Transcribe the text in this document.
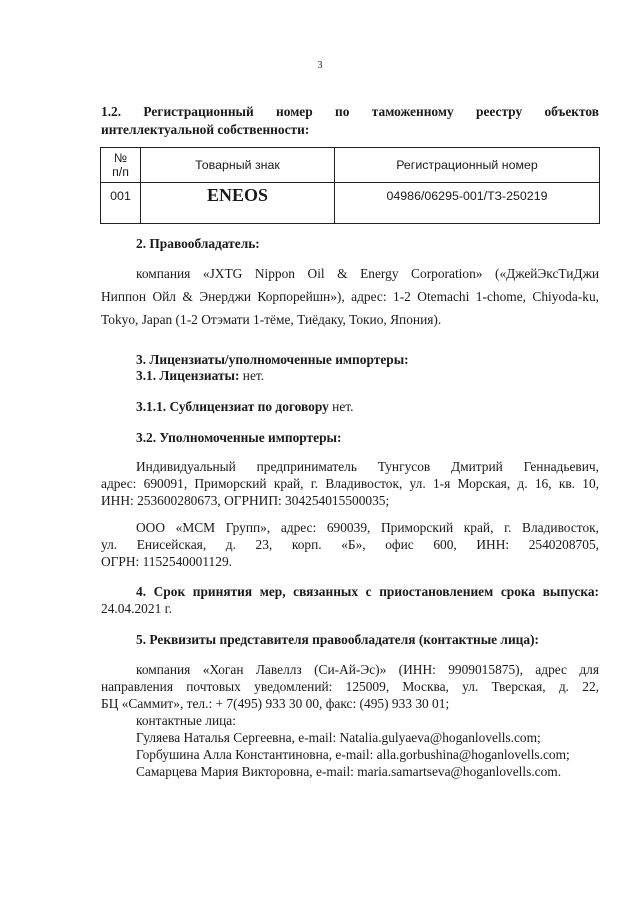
3
1.2. Регистрационный номер по таможенному реестру объектов
интеллектуальной собственности:
№
п/п	Товарный знак	Регистрационный номер
001	ENEOS	04986/06295-001/ТЗ-250219
2. Правообладатель:
компания «JXTG Nippon Oil & Energy Corporation» («ДжейЭксТиДжи
Ниппон Ойл & Энерджи Корпорейшн»), адрес: 1-2 Otemachi 1-chome, Chiyoda-ku,
Tokyo, Japan (1-2 Отэмати 1-тёме, Тиёдаку, Токио, Япония).
3. Лицензиаты/уполномоченные импортеры:
3.1. Лицензиаты: нет.
3.1.1. Сублицензиат по договору нет.
3.2. Уполномоченные импортеры:
Индивидуальный предприниматель Тунгусов Дмитрий Геннадьевич,
адрес: 690091, Приморский край, г. Владивосток, ул. 1-я Морская, д. 16, кв. 10,
ИНН: 253600280673, ОГРНИП: 304254015500035;
ООО «МСМ Групп», адрес: 690039, Приморский край, г. Владивосток,
ул. Енисейская, д. 23, корп. «Б», офис 600, ИНН: 2540208705,
ОГРН: 1152540001129.
4. Срок принятия мер, связанных с приостановлением срока выпуска:
24.04.2021 г.
5. Реквизиты представителя правообладателя (контактные лица):
компания «Хоган Лавеллз (Си-Ай-Эс)» (ИНН: 9909015875), адрес для
направления почтовых уведомлений: 125009, Москва, ул. Тверская, д. 22,
БЦ «Саммит», тел.: + 7(495) 933 30 00, факс: (495) 933 30 01;
контактные лица:
Гуляева Наталья Сергеевна, e-mail: Natalia.gulyaeva@hoganlovells.com;
Горбушина Алла Константиновна, e-mail: alla.gorbushina@hoganlovells.com;
Самарцева Мария Викторовна, e-mail: maria.samartseva@hoganlovells.com.
